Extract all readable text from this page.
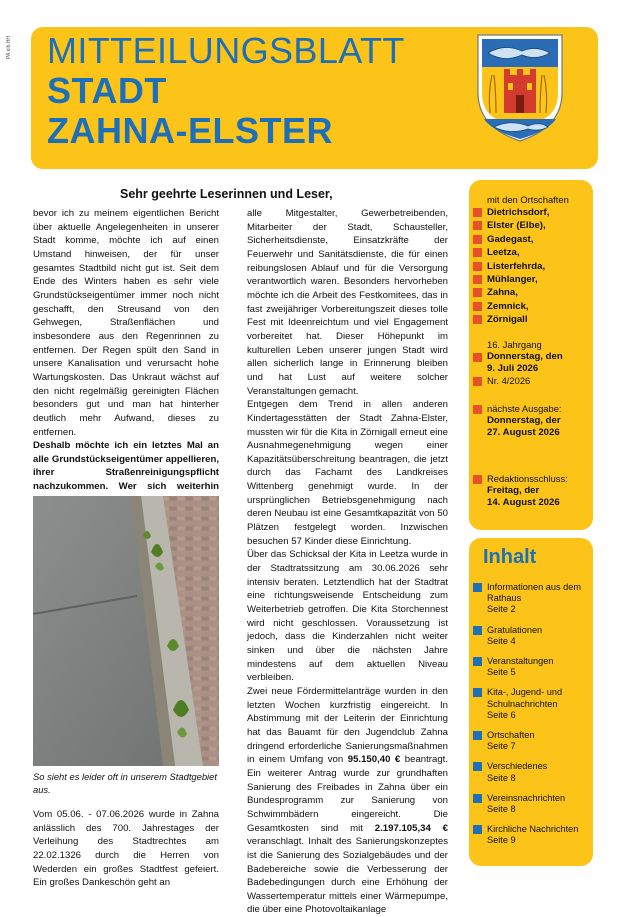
PA.elb.HH MITTEILUNGSBLATT
STADT
ZAHNA-ELSTER
Sehr geehrte Leserinnen und Leser,

bevor ich zu meinem eigentlichen Bericht über aktuelle Angelegenheiten in unserer Stadt komme, möchte ich auf einen Umstand hinweisen, der für unser gesamtes Stadtbild nicht gut ist. Seit dem Ende des Winters haben es sehr viele Grundstückseigentümer immer noch nicht geschafft, den Streusand von den Gehwegen, Straßenflächen und insbesondere aus den Regenrinnen zu entfernen. Der Regen spült den Sand in unsere Kanalisation und verursacht hohe Wartungskosten. Das Unkraut wächst auf den nicht regelmäßig gereinigten Flächen besonders gut und man hat hinterher deutlich mehr Aufwand, dieses zu entfernen.

Deshalb möchte ich ein letztes Mal an alle Grundstückseigentümer appellieren, ihrer Straßenreinigungspflicht nachzukommen. Wer sich weiterhin

So sieht es leider oft in unserem Stadtgebiet aus.
Vom 05.06. - 07.06.2026 wurde in Zahna anlässlich des 700. Jahrestages der Verleihung des Stadtrechtes am 22.02.1326 durch die Herren von Wederden ein großes Stadtfest gefeiert. Ein großes Dankeschön geht an

alle Mitgestalter, Gewerbetreibenden, Mitarbeiter der Stadt, Schausteller, Sicherheitsdienste, Einsatzkräfte der Feuerwehr und Sanitätsdienste, die für einen reibungslosen Ablauf und für die Versorgung verantwortlich waren. Besonders hervorheben möchte ich die Arbeit des Festkomitees, das in fast zweijähriger Vorbereitungszeit dieses tolle Fest mit Ideenreichtum und viel Engagement vorbereitet hat. Dieser Höhepunkt im kulturellen Leben unserer jungen Stadt wird allen sicherlich lange in Erinnerung bleiben und hat Lust auf weitere solcher Veranstaltungen gemacht.

Entgegen dem Trend in allen anderen Kindertagesstätten der Stadt Zahna-Elster, mussten wir für die Kita in Zörnigall erneut eine Ausnahmegenehmigung wegen einer Kapazitätsüberschreitung beantragen, die jetzt durch das Fachamt des Landkreises Wittenberg genehmigt wurde. In der ursprünglichen Betriebsgenehmigung nach deren Neubau ist eine Gesamtkapazität von 50 Plätzen festgelegt worden. Inzwischen besuchen 57 Kinder diese Einrichtung.

Über das Schicksal der Kita in Leetza wurde in der Stadtratssitzung am 30.06.2026 sehr intensiv beraten. Letztendlich hat der Stadtrat eine richtungsweisende Entscheidung zum Weiterbetrieb getroffen. Die Kita Storchennest wird nicht geschlossen. Voraussetzung ist jedoch, dass die Kinderzahlen nicht weiter sinken und über die nächsten Jahre mindestens auf dem aktuellen Niveau verbleiben.

Zwei neue Fördermittelanträge wurden in den letzten Wochen kurzfristig eingereicht. In Abstimmung mit der Leiterin der Einrichtung hat das Bauamt für den Jugendclub Zahna dringend erforderliche Sanierungsmaßnahmen in einem Umfang von 95.150,40 € beantragt. Ein weiterer Antrag wurde zur grundhaften Sanierung des Freibades in Zahna über ein Bundesprogramm zur Sanierung von Schwimmbädern eingereicht. Die Gesamtkosten sind mit 2.197.105,34 € veranschlagt. Inhalt des Sanierungskonzeptes ist die Sanierung des Sozialgebäudes und der Badebereiche sowie die Verbesserung der Badebedingungen durch eine Erhöhung der Wassertemperatur mittels einer Wärmepumpe, die über eine Photovoltaikanlage

mit den Ortschaften
Dietrichsdorf,
Elster (Elbe),
Gadegast,
Leetza,
Listerfehrda,
Mühlanger,
Zahna,
Zemnick,
Zörnigall
16. Jahrgang
Donnerstag, den
9. Juli 2026
Nr. 4/2026
nächste Ausgabe:
Donnerstag, der
27. August 2026
Redaktionsschluss:
Freitag, der
14. August 2026
Inhalt
Informationen aus dem Rathaus
Seite 2
Gratulationen
Seite 4
Veranstaltungen
Seite 5
Kita-, Jugend- und Schulnachrichten
Seite 6
Ortschaften
Seite 7
Verschiedenes
Seite 8
Vereinsnachrichten
Seite 8
Kirchliche Nachrichten
Seite 9
